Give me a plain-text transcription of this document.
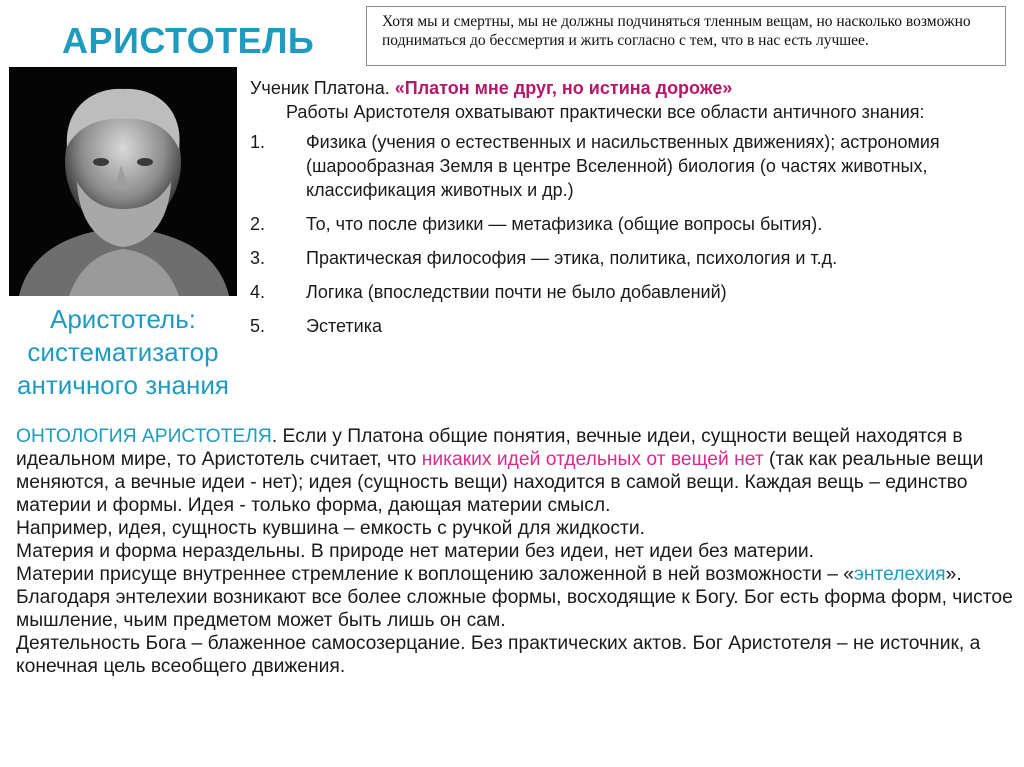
АРИСТОТЕЛЬ	Хотя мы и смертны, мы не должны подчиняться тленным вещам, но насколько возможно подниматься до бессмертия и жить согласно с тем, что в нас есть лучшее.
Аристотель:
систематизатор
античного знания
Ученик Платона. «Платон мне друг, но истина дороже»
Работы Аристотеля охватывают практически все области античного знания:
1.	Физика (учения о естественных и насильственных движениях); астрономия (шарообразная Земля в центре Вселенной) биология (о частях животных, классификация животных и др.)
2.	То, что после физики — метафизика (общие вопросы бытия).
3.	Практическая философия — этика, политика, психология и т.д.
4.	Логика (впоследствии почти не было добавлений)
5.	Эстетика

ОНТОЛОГИЯ АРИСТОТЕЛЯ. Если у Платона общие понятия, вечные идеи, сущности вещей находятся в идеальном мире, то Аристотель считает, что никаких идей отдельных от вещей нет (так как реальные вещи меняются, а вечные идеи - нет); идея (сущность вещи) находится в самой вещи. Каждая вещь – единство материи и формы. Идея - только форма, дающая материи смысл.

Например, идея, сущность кувшина – емкость с ручкой для жидкости.

Материя и форма нераздельны. В природе нет материи без идеи, нет идеи без материи.

Материи присуще внутреннее стремление к воплощению заложенной в ней возможности – «энтелехия». Благодаря энтелехии возникают все более сложные формы, восходящие к Богу. Бог есть форма форм, чистое мышление, чьим предметом может быть лишь он сам.

Деятельность Бога – блаженное самосозерцание. Без практических актов. Бог Аристотеля – не источник, а конечная цель всеобщего движения.
